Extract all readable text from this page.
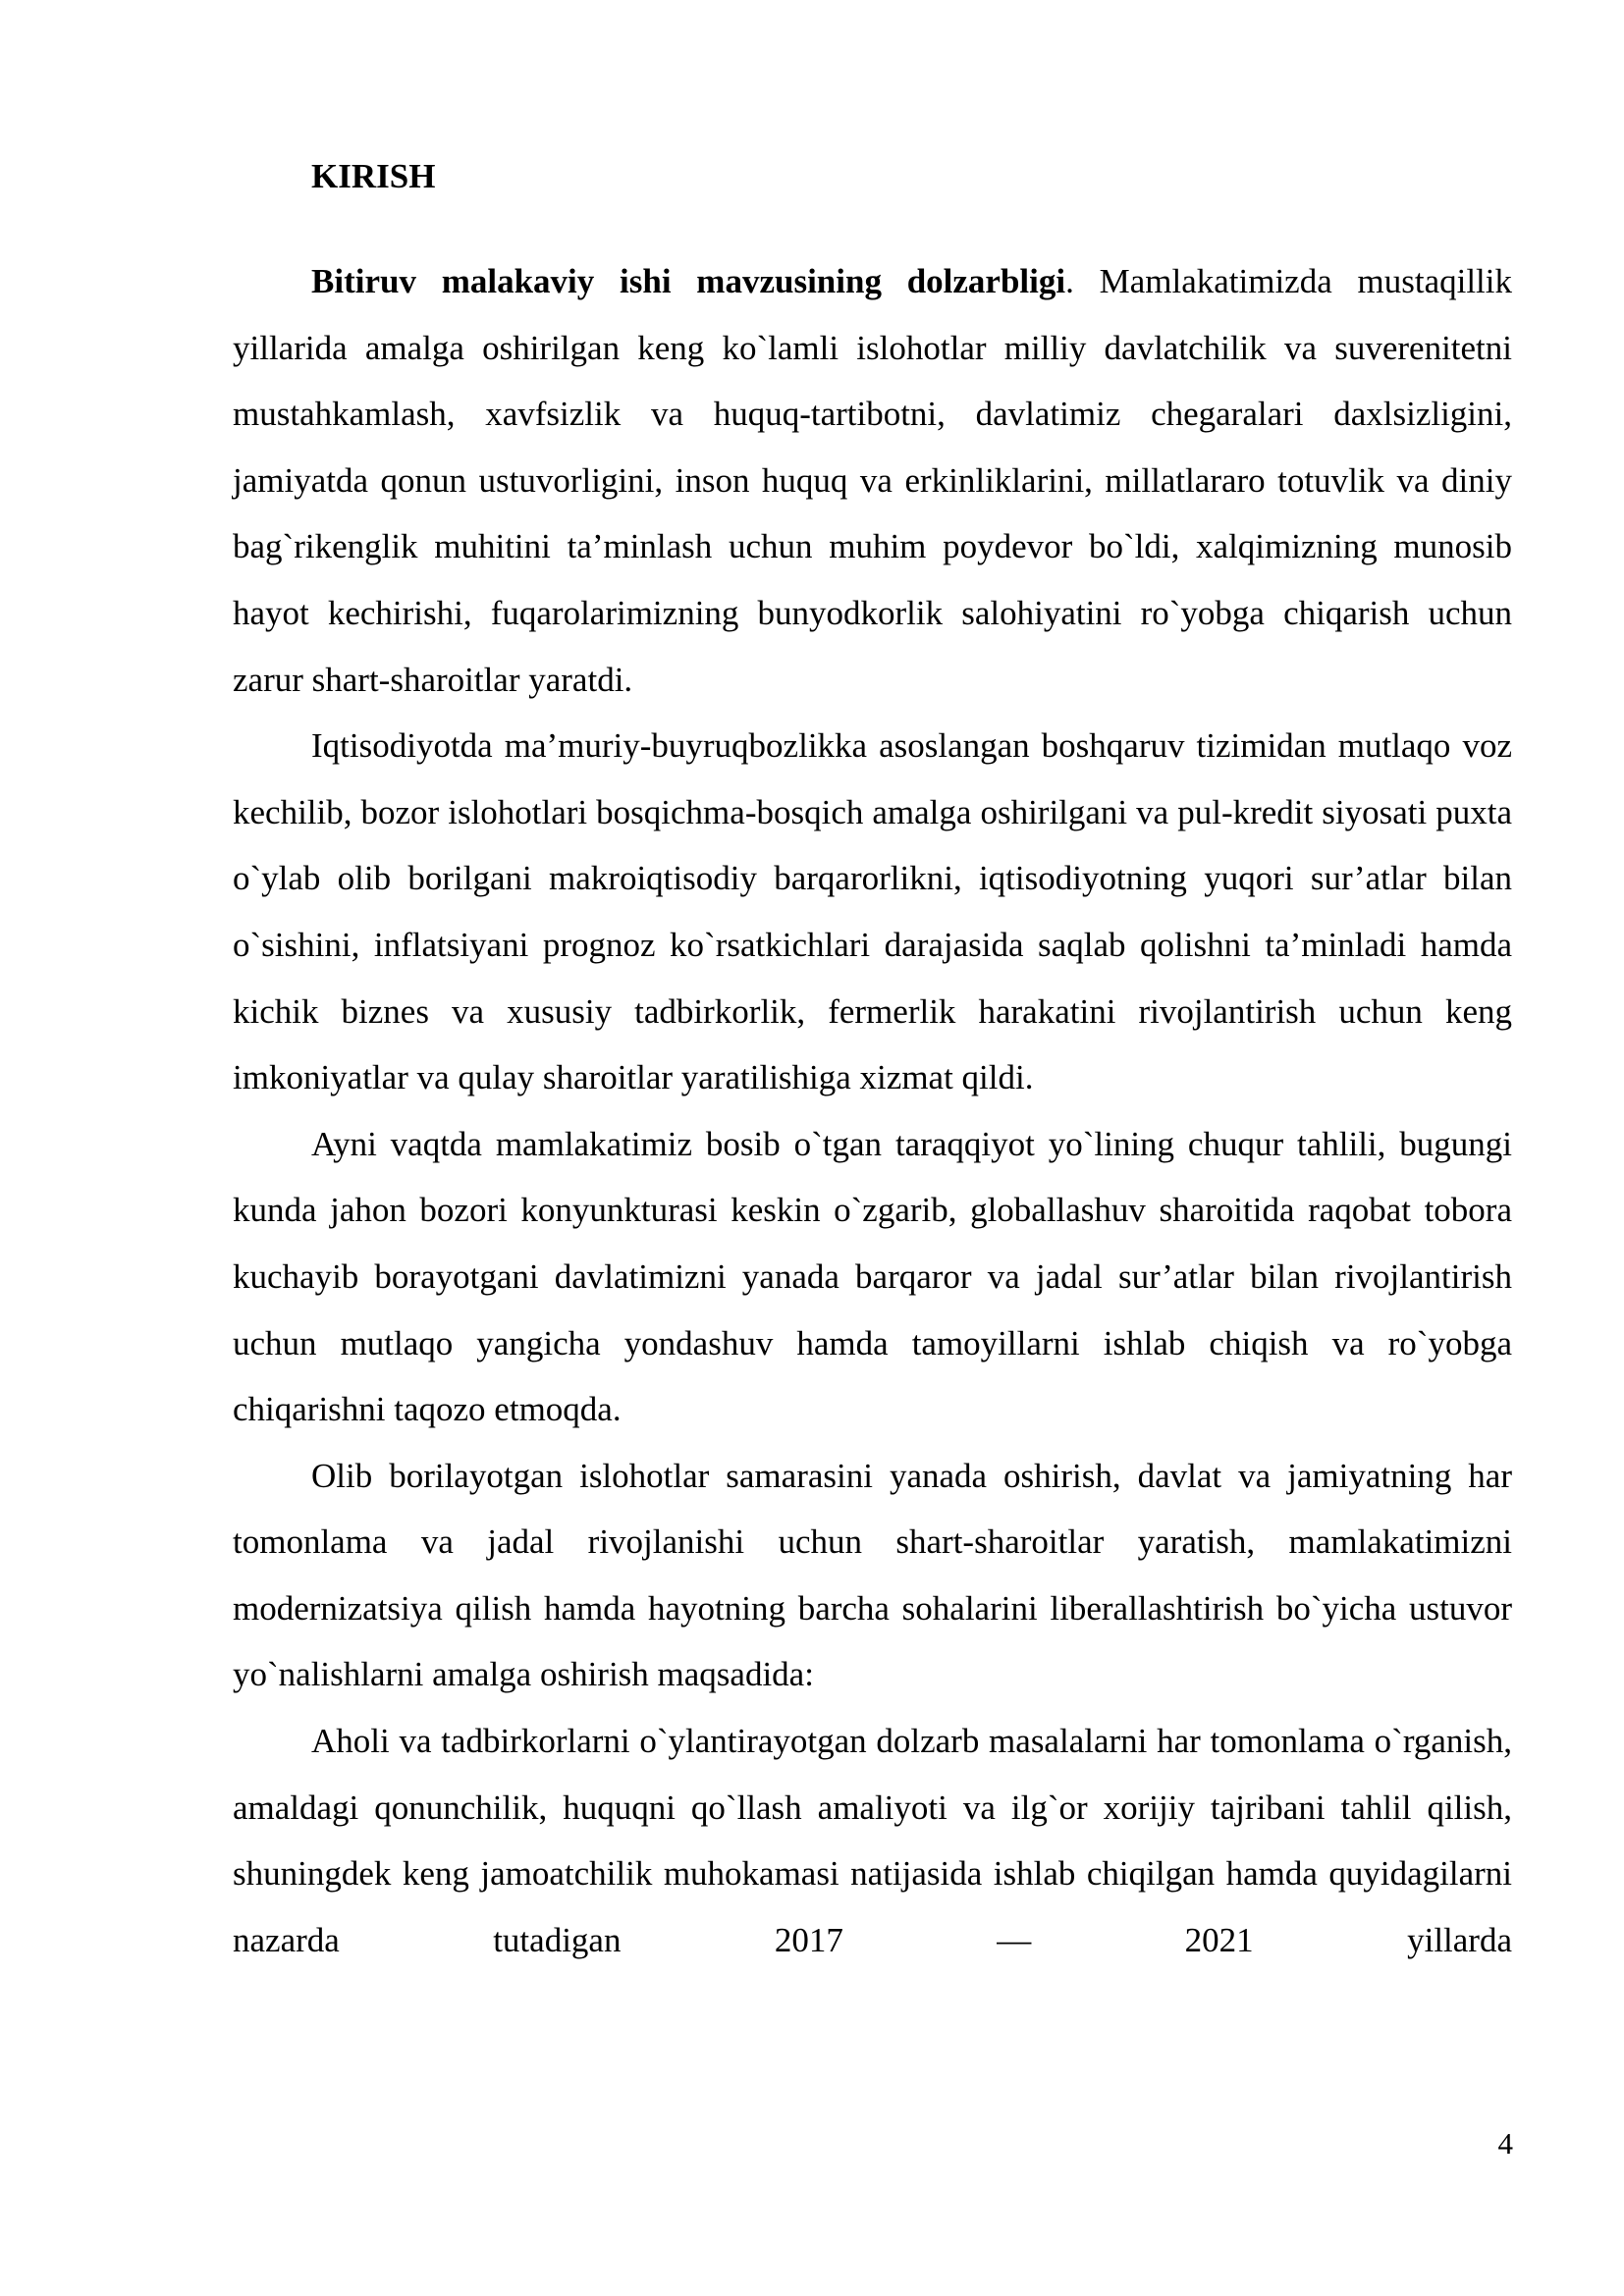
KIRISH

Bitiruv malakaviy ishi mavzusining dolzarbligi. Mamlakatimizda mustaqillik yillarida amalga oshirilgan keng ko`lamli islohotlar milliy davlatchilik va suverenitetni mustahkamlash, xavfsizlik va huquq-tartibotni, davlatimiz chegaralari daxlsizligini, jamiyatda qonun ustuvorligini, inson huquq va erkinliklarini, millatlararo totuvlik va diniy bag`rikenglik muhitini ta’minlash uchun muhim poydevor bo`ldi, xalqimizning munosib hayot kechirishi, fuqarolarimizning bunyodkorlik salohiyatini ro`yobga chiqarish uchun zarur shart-sharoitlar yaratdi.

Iqtisodiyotda ma’muriy-buyruqbozlikka asoslangan boshqaruv tizimidan mutlaqo voz kechilib, bozor islohotlari bosqichma-bosqich amalga oshirilgani va pul-kredit siyosati puxta o`ylab olib borilgani makroiqtisodiy barqarorlikni, iqtisodiyotning yuqori sur’atlar bilan o`sishini, inflatsiyani prognoz ko`rsatkichlari darajasida saqlab qolishni ta’minladi hamda kichik biznes va xususiy tadbirkorlik, fermerlik harakatini rivojlantirish uchun keng imkoniyatlar va qulay sharoitlar yaratilishiga xizmat qildi.

Ayni vaqtda mamlakatimiz bosib o`tgan taraqqiyot yo`lining chuqur tahlili, bugungi kunda jahon bozori konyunkturasi keskin o`zgarib, globallashuv sharoitida raqobat tobora kuchayib borayotgani davlatimizni yanada barqaror va jadal sur’atlar bilan rivojlantirish uchun mutlaqo yangicha yondashuv hamda tamoyillarni ishlab chiqish va ro`yobga chiqarishni taqozo etmoqda.

Olib borilayotgan islohotlar samarasini yanada oshirish, davlat va jamiyatning har tomonlama va jadal rivojlanishi uchun shart-sharoitlar yaratish, mamlakatimizni modernizatsiya qilish hamda hayotning barcha sohalarini liberallashtirish bo`yicha ustuvor yo`nalishlarni amalga oshirish maqsadida:

Aholi va tadbirkorlarni o`ylantirayotgan dolzarb masalalarni har tomonlama o`rganish, amaldagi qonunchilik, huquqni qo`llash amaliyoti va ilg`or xorijiy tajribani tahlil qilish, shuningdek keng jamoatchilik muhokamasi natijasida ishlab chiqilgan hamda quyidagilarni nazarda tutadigan 2017 — 2021 yillarda

4
